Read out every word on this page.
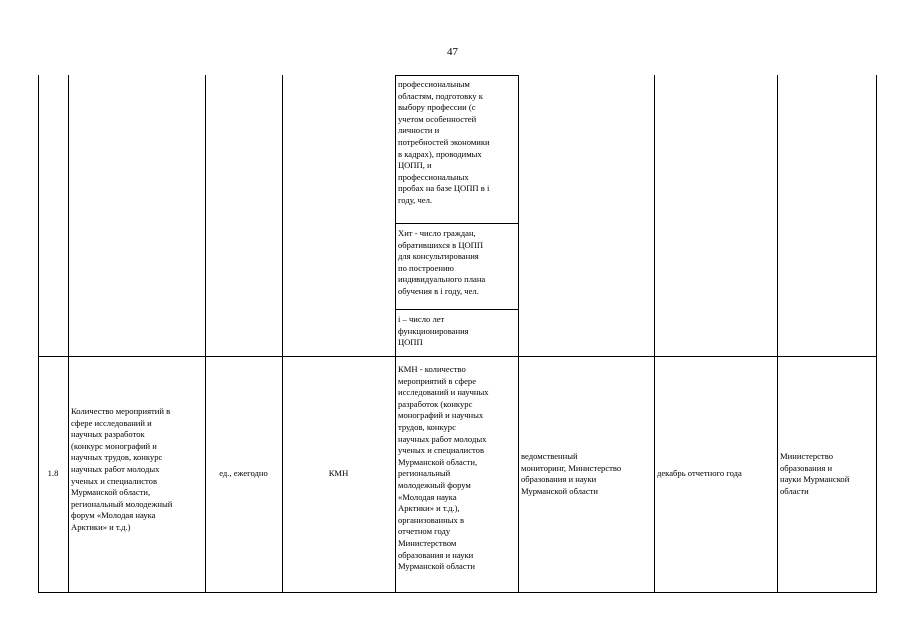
47
профессиональным
областям, подготовку к
выбору профессии (с
учетом особенностей
личности и
потребностей экономики
в кадрах), проводимых
ЦОПП, и
профессиональных
пробах на базе ЦОПП в i
году, чел.
Хит - число граждан,
обратившихся в ЦОПП
для консультирования
по построению
индивидуального плана
обучения в i году, чел.
i – число лет
функционирования
ЦОПП
1.8
Количество мероприятий в
сфере исследований и
научных разработок
(конкурс монографий и
научных трудов, конкурс
научных работ молодых
ученых и специалистов
Мурманской области,
региональный молодежный
форум «Молодая наука
Арктики» и т.д.)
ед., ежегодно	КМН
КМН - количество
мероприятий в сфере
исследований и научных
разработок (конкурс
монографий и научных
трудов, конкурс
научных работ молодых
ученых и специалистов
Мурманской области,
региональный
молодежный форум
«Молодая наука
Арктики» и т.д.),
организованных в
отчетном году
Министерством
образования и науки
Мурманской области
ведомственный
мониторинг, Министерство
образования и науки
Мурманской области
декабрь отчетного года
Министерство
образования и
науки Мурманской
области
